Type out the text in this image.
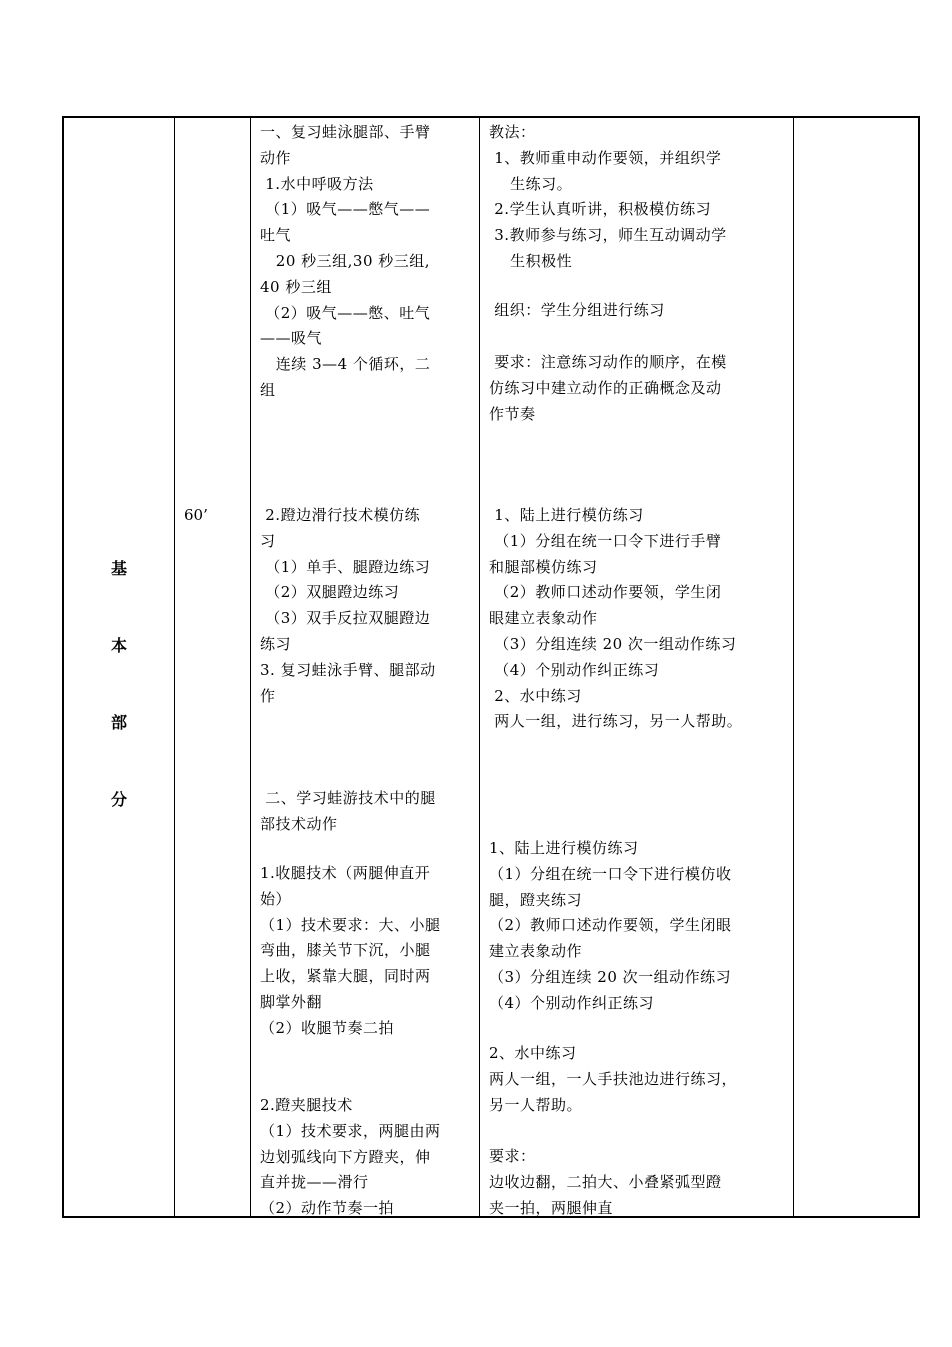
基
本
部
分
60’
一、复习蛙泳腿部、手臂
动作
1.水中呼吸方法
（1）吸气——憋气——
吐气
20 秒三组,30 秒三组,
40 秒三组
（2）吸气——憋、吐气
——吸气
连续 3—4 个循环，二
组
2.蹬边滑行技术模仿练
习
（1）单手、腿蹬边练习
（2）双腿蹬边练习
（3）双手反拉双腿蹬边
练习
3. 复习蛙泳手臂、腿部动
作
二、学习蛙游技术中的腿
部技术动作
1.收腿技术（两腿伸直开
始）
（1）技术要求：大、小腿
弯曲，膝关节下沉，小腿
上收，紧靠大腿，同时两
脚掌外翻
（2）收腿节奏二拍
2.蹬夹腿技术
（1）技术要求，两腿由两
边划弧线向下方蹬夹，伸
直并拢——滑行
（2）动作节奏一拍
教法：
1、教师重申动作要领，并组织学
生练习。
2.学生认真听讲，积极模仿练习
3.教师参与练习，师生互动调动学
生积极性
组织：学生分组进行练习
要求：注意练习动作的顺序，在模
仿练习中建立动作的正确概念及动
作节奏
1、陆上进行模仿练习
（1）分组在统一口令下进行手臂
和腿部模仿练习
（2）教师口述动作要领，学生闭
眼建立表象动作
（3）分组连续 20 次一组动作练习
（4）个别动作纠正练习
2、水中练习
两人一组，进行练习，另一人帮助。
1、陆上进行模仿练习
（1）分组在统一口令下进行模仿收
腿，蹬夹练习
（2）教师口述动作要领，学生闭眼
建立表象动作
（3）分组连续 20 次一组动作练习
（4）个别动作纠正练习
2、水中练习
两人一组，一人手扶池边进行练习，
另一人帮助。
要求：
边收边翻，二拍大、小叠紧弧型蹬
夹一拍，两腿伸直
